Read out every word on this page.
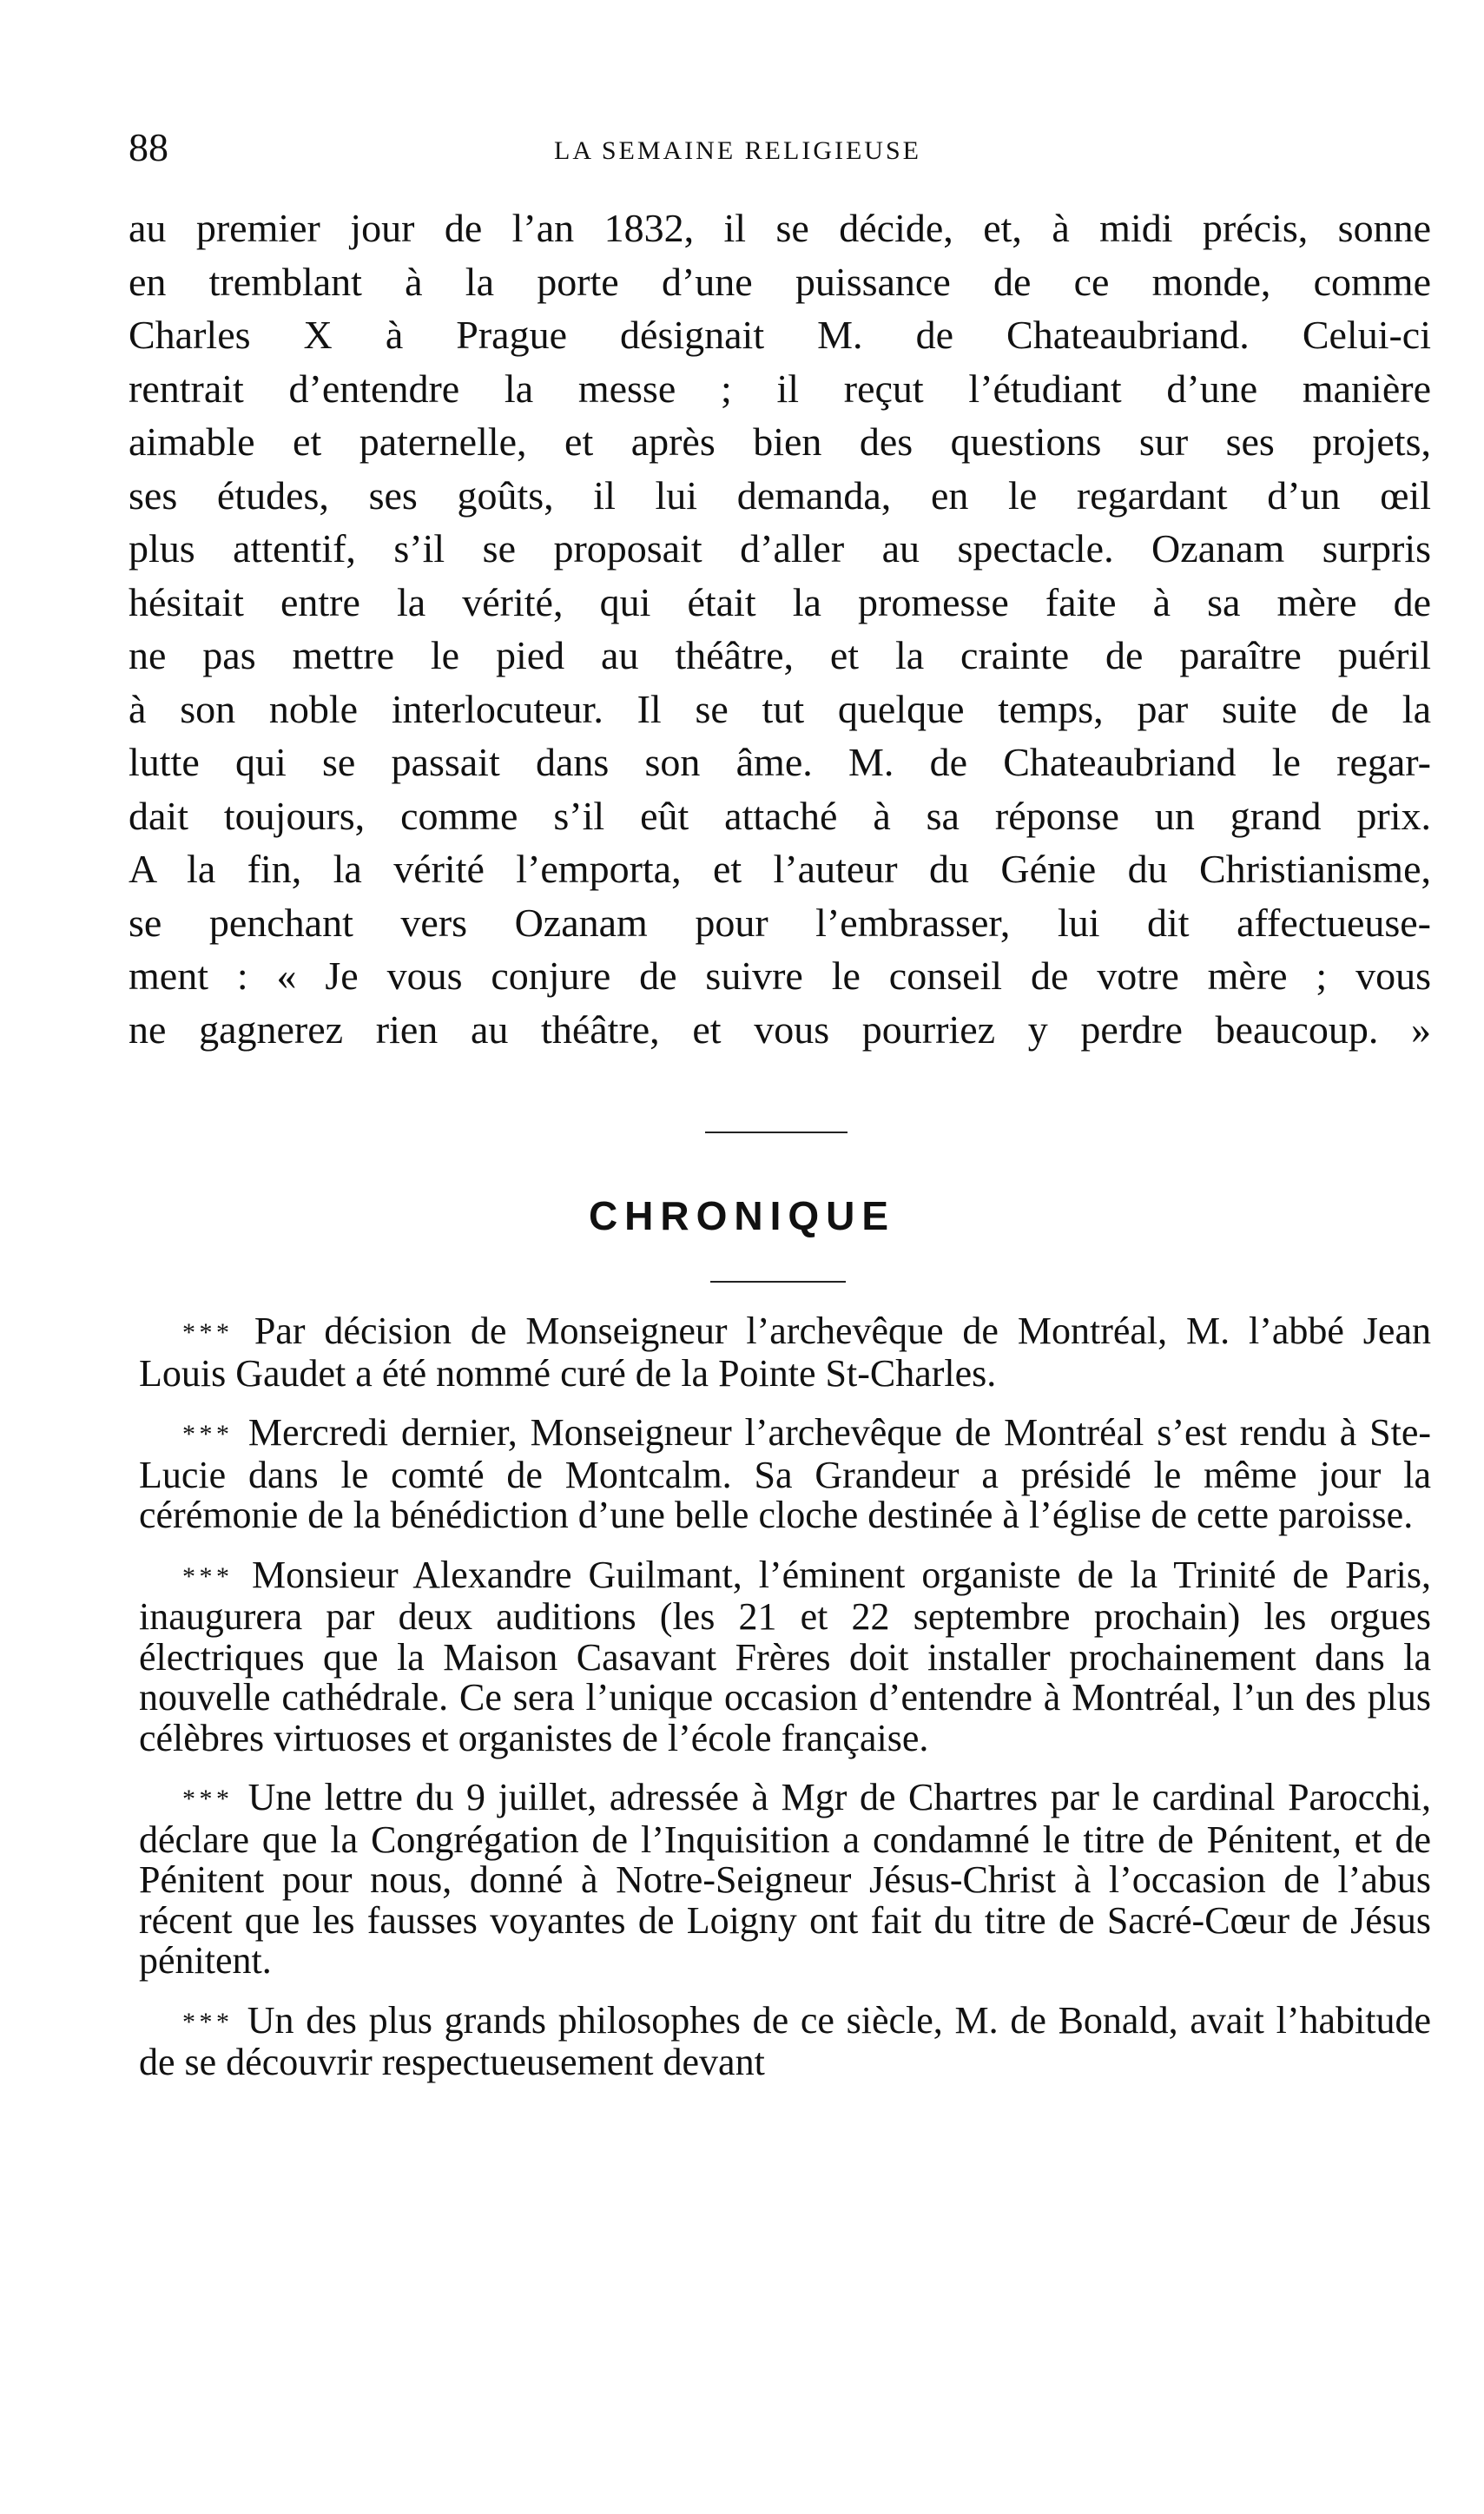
88	LA SEMAINE RELIGIEUSE

au premier jour de l’an 1832, il se décide, et, à midi précis, sonne

en tremblant à la porte d’une puissance de ce monde, comme

Charles X à Prague désignait M. de Chateaubriand. Celui-ci

rentrait d’entendre la messe ; il reçut l’étudiant d’une manière

aimable et paternelle, et après bien des questions sur ses projets,

ses études, ses goûts, il lui demanda, en le regardant d’un œil

plus attentif, s’il se proposait d’aller au spectacle. Ozanam surpris

hésitait entre la vérité, qui était la promesse faite à sa mère de

ne pas mettre le pied au théâtre, et la crainte de paraître puéril

à son noble interlocuteur. Il se tut quelque temps, par suite de la

lutte qui se passait dans son âme. M. de Chateaubriand le regar-

dait toujours, comme s’il eût attaché à sa réponse un grand prix.

A la fin, la vérité l’emporta, et l’auteur du Génie du Christianisme,

se penchant vers Ozanam pour l’embrasser, lui dit affectueuse-

ment : « Je vous conjure de suivre le conseil de votre mère ; vous

ne gagnerez rien au théâtre, et vous pourriez y perdre beaucoup. »

CHRONIQUE

* * * Par décision de Monseigneur l’archevêque de Montréal, M. l’abbé Jean Louis Gaudet a été nommé curé de la Pointe St-Charles.

* * * Mercredi dernier, Monseigneur l’archevêque de Montréal s’est rendu à Ste-Lucie dans le comté de Montcalm. Sa Grandeur a présidé le même jour la cérémonie de la bénédiction d’une belle cloche destinée à l’église de cette paroisse.

* * * Monsieur Alexandre Guilmant, l’éminent organiste de la Trinité de Paris, inaugurera par deux auditions (les 21 et 22 septembre prochain) les orgues électriques que la Maison Casavant Frères doit installer prochainement dans la nouvelle cathédrale. Ce sera l’unique occasion d’entendre à Montréal, l’un des plus célèbres virtuoses et organistes de l’école française.

* * * Une lettre du 9 juillet, adressée à Mgr de Chartres par le cardinal Parocchi, déclare que la Congrégation de l’Inquisition a condamné le titre de Pénitent, et de Pénitent pour nous, donné à Notre-Seigneur Jésus-Christ à l’occasion de l’abus récent que les fausses voyantes de Loigny ont fait du titre de Sacré-Cœur de Jésus pénitent.

* * * Un des plus grands philosophes de ce siècle, M. de Bonald, avait l’habitude de se découvrir respectueusement devant
